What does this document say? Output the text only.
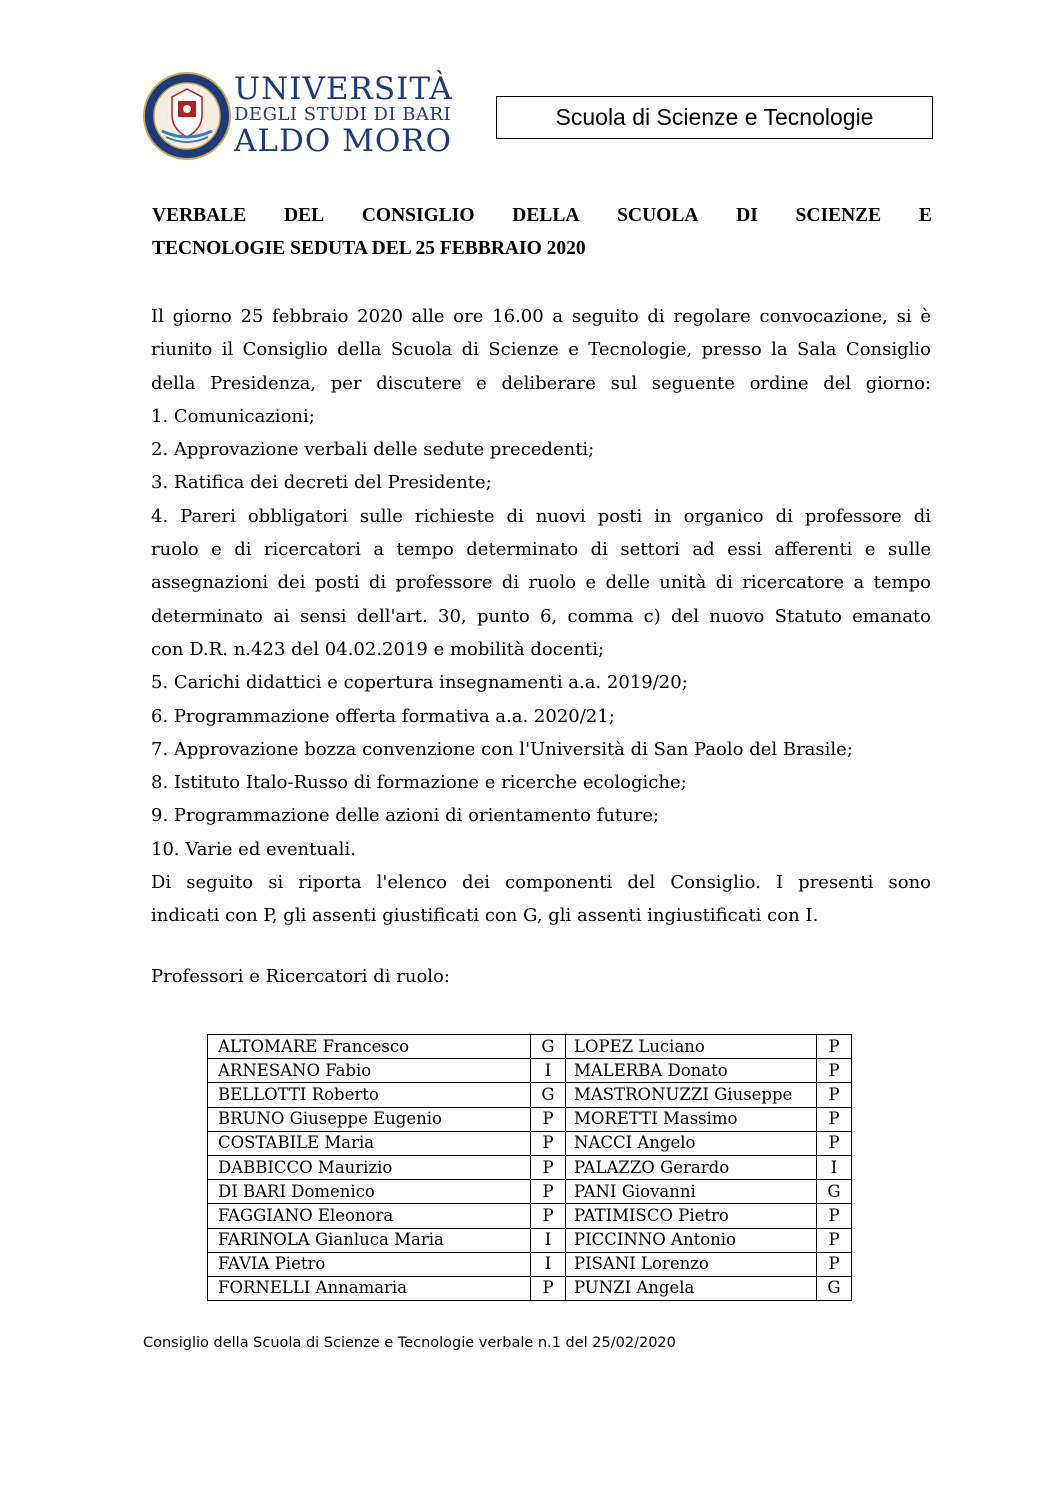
UNIVERSITÀ
DEGLI STUDI DI BARI
ALDO MORO
Scuola di Scienze e Tecnologie
VERBALE DEL CONSIGLIO DELLA SCUOLA DI SCIENZE E
TECNOLOGIE SEDUTA DEL 25 FEBBRAIO 2020

Il giorno 25 febbraio 2020 alle ore 16.00 a seguito di regolare convocazione, si è
riunito il Consiglio della Scuola di Scienze e Tecnologie, presso la Sala Consiglio
della Presidenza, per discutere e deliberare sul seguente ordine del giorno:

1. Comunicazioni;
2. Approvazione verbali delle sedute precedenti;
3. Ratifica dei decreti del Presidente;
4. Pareri obbligatori sulle richieste di nuovi posti in organico di professore di
ruolo e di ricercatori a tempo determinato di settori ad essi afferenti e sulle
assegnazioni dei posti di professore di ruolo e delle unità di ricercatore a tempo
determinato ai sensi dell'art. 30, punto 6, comma c) del nuovo Statuto emanato
con D.R. n.423 del 04.02.2019 e mobilità docenti;
5. Carichi didattici e copertura insegnamenti a.a. 2019/20;
6. Programmazione offerta formativa a.a. 2020/21;
7. Approvazione bozza convenzione con l'Università di San Paolo del Brasile;
8. Istituto Italo-Russo di formazione e ricerche ecologiche;
9. Programmazione delle azioni di orientamento future;
10. Varie ed eventuali.

Di seguito si riporta l'elenco dei componenti del Consiglio. I presenti sono
indicati con P, gli assenti giustificati con G, gli assenti ingiustificati con I.

Professori e Ricercatori di ruolo:
ALTOMARE Francesco	G	LOPEZ Luciano	P
ARNESANO Fabio	I	MALERBA Donato	P
BELLOTTI Roberto	G	MASTRONUZZI Giuseppe	P
BRUNO Giuseppe Eugenio	P	MORETTI Massimo	P
COSTABILE Maria	P	NACCI Angelo	P
DABBICCO Maurizio	P	PALAZZO Gerardo	I
DI BARI Domenico	P	PANI Giovanni	G
FAGGIANO Eleonora	P	PATIMISCO Pietro	P
FARINOLA Gianluca Maria	I	PICCINNO Antonio	P
FAVIA Pietro	I	PISANI Lorenzo	P
FORNELLI Annamaria	P	PUNZI Angela	G
Consiglio della Scuola di Scienze e Tecnologie verbale n.1 del 25/02/2020
